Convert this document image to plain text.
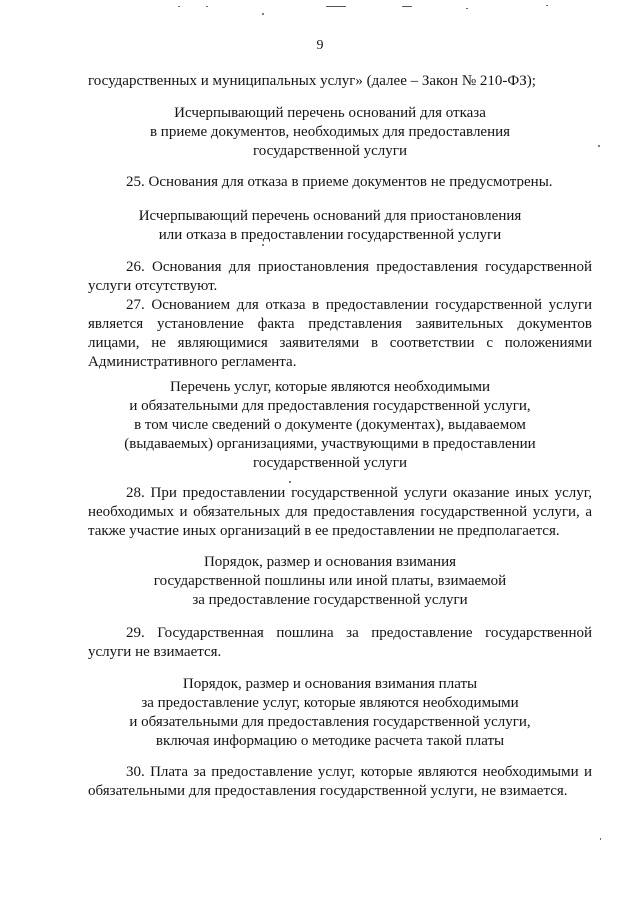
9

государственных и муниципальных услуг» (далее – Закон № 210-ФЗ);

Исчерпывающий перечень оснований для отказа
в приеме документов, необходимых для предоставления
государственной услуги

25. Основания для отказа в приеме документов не предусмотрены.

Исчерпывающий перечень оснований для приостановления
или отказа в предоставлении государственной услуги

26. Основания для приостановления предоставления государственной услуги отсутствуют.

27. Основанием для отказа в предоставлении государственной услуги является установление факта представления заявительных документов лицами, не являющимися заявителями в соответствии с положениями Административного регламента.

Перечень услуг, которые являются необходимыми
и обязательными для предоставления государственной услуги,
в том числе сведений о документе (документах), выдаваемом
(выдаваемых) организациями, участвующими в предоставлении
государственной услуги

28. При предоставлении государственной услуги оказание иных услуг, необходимых и обязательных для предоставления государственной услуги, а также участие иных организаций в ее предоставлении не предполагается.

Порядок, размер и основания взимания
государственной пошлины или иной платы, взимаемой
за предоставление государственной услуги

29. Государственная пошлина за предоставление государственной услуги не взимается.

Порядок, размер и основания взимания платы
за предоставление услуг, которые являются необходимыми
и обязательными для предоставления государственной услуги,
включая информацию о методике расчета такой платы

30. Плата за предоставление услуг, которые являются необходимыми и обязательными для предоставления государственной услуги, не взимается.
